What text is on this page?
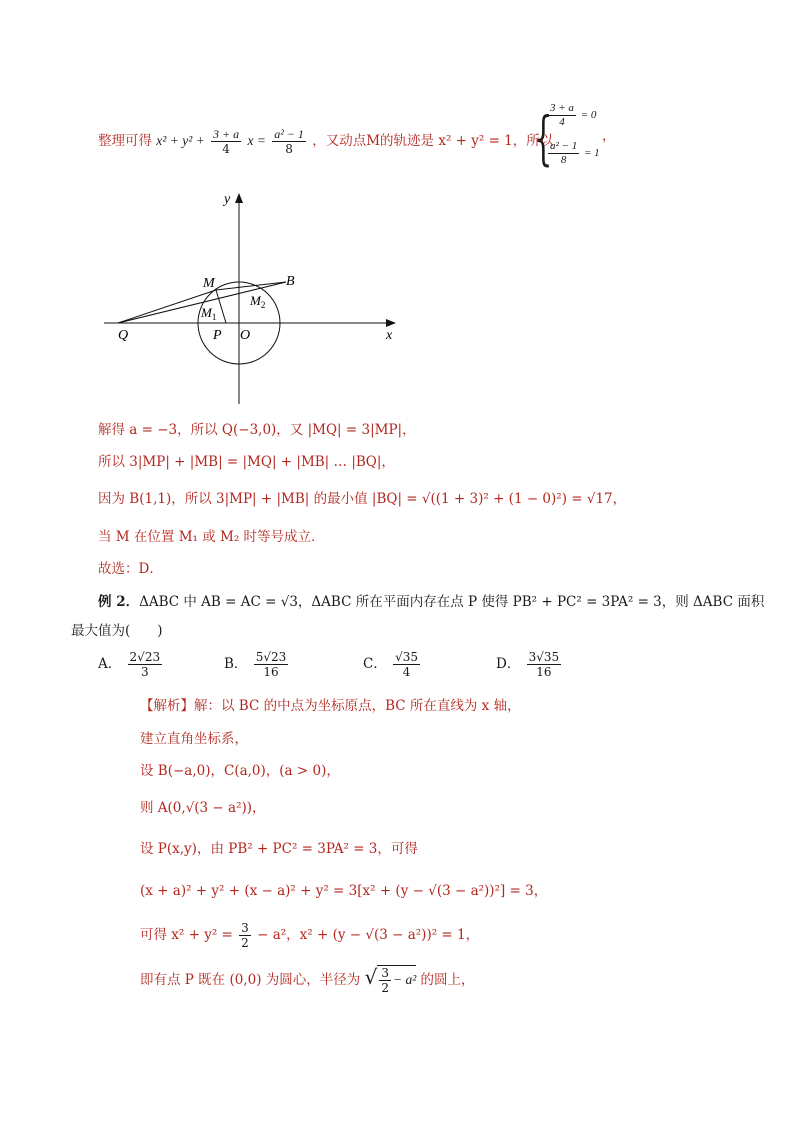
整理可得 $x^2 + y^2 + \frac{3 + a}{4}$ $x = \frac{\text{a² − 1}}{8}$ ，又动点M的轨迹是 x² + y² = 1，所以
{
$\frac{3 + a}{4} = 0$
$\frac{\text{a² − 1}}{8} = 1$
，
y
x
M	B
$M_2$
$M_1$
Q	P O
解得 a = −3，所以 Q(−3,0)，又 |MQ| = 3|MP|，
所以 3|MP| + |MB| = |MQ| + |MB| … |BQ|，
因为 B(1,1)，所以 3|MP| + |MB| 的最小值 |BQ| = √((1 + 3)² + (1 − 0)²) = √17，
当 M 在位置 M₁ 或 M₂ 时等号成立．
故选：D．
例 2．ΔABC 中 AB = AC = √3，ΔABC 所在平面内存在点 P 使得 PB² + PC² = 3PA² = 3，则 ΔABC 面积
最大值为(　　)
A． $\frac{2√23}{3}$	B． $\frac{5√23}{16}$	C． $\frac{√35}{4}$	D． $\frac{3√35}{16}$
【解析】解：以 BC 的中点为坐标原点，BC 所在直线为 x 轴，
建立直角坐标系，
设 B(−a,0)，C(a,0)，(a > 0)，
则 A(0,√(3 − a²))，
设 P(x,y)，由 PB² + PC² = 3PA² = 3，可得
(x + a)² + y² + (x − a)² + y² = 3[x² + (y − √(3 − a²))²] = 3，
可得 $x^2 + y^2 = \frac{3}{2} - a^2$，x² + (y − √(3 − a²))² = 1，
即有点 P 既在 (0,0) 为圆心，半径为 √ $\frac{3}{2} - a^2$ 的圆上，
